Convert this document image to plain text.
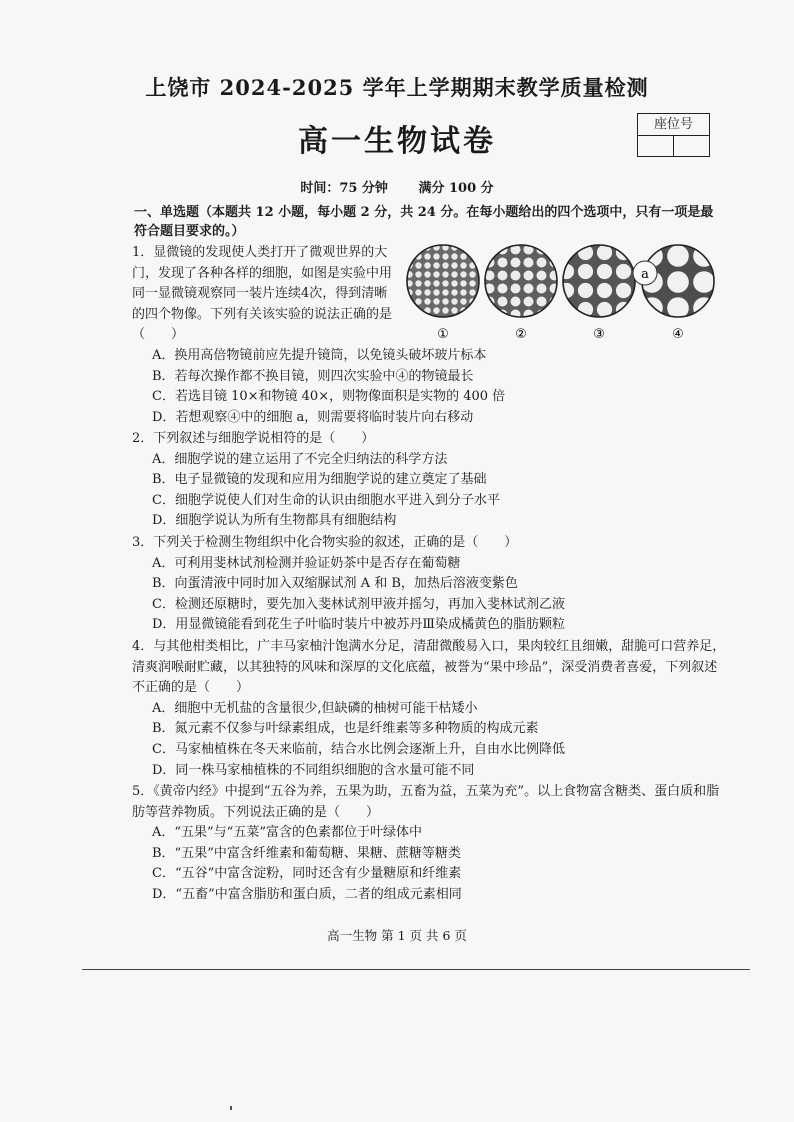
上饶市 2024-2025 学年上学期期末教学质量检测
高一生物试卷	座位号
时间：75 分钟 满分 100 分
一、单选题（本题共 12 小题，每小题 2 分，共 24 分。在每小题给出的四个选项中，只有一项是最符合题目要求的。）
1．显微镜的发现使人类打开了微观世界的大门，发现了各种各样的细胞，如图是实验中用同一显微镜观察同一装片连续4次，得到清晰的四个物像。下列有关该实验的说法正确的是（　　）
A．换用高倍物镜前应先提升镜筒，以免镜头破坏玻片标本
B．若每次操作都不换目镜，则四次实验中④的物镜最长
C．若选目镜 10×和物镜 40×，则物像面积是实物的 400 倍
D．若想观察④中的细胞 a，则需要将临时装片向右移动
a
①	②	③	④
2．下列叙述与细胞学说相符的是（　　）
A．细胞学说的建立运用了不完全归纳法的科学方法
B．电子显微镜的发现和应用为细胞学说的建立奠定了基础
C．细胞学说使人们对生命的认识由细胞水平进入到分子水平
D．细胞学说认为所有生物都具有细胞结构
3．下列关于检测生物组织中化合物实验的叙述，正确的是（　　）
A．可利用斐林试剂检测并验证奶茶中是否存在葡萄糖
B．向蛋清液中同时加入双缩脲试剂 A 和 B，加热后溶液变紫色
C．检测还原糖时，要先加入斐林试剂甲液并摇匀，再加入斐林试剂乙液
D．用显微镜能看到花生子叶临时装片中被苏丹Ⅲ染成橘黄色的脂肪颗粒
4．与其他柑类相比，广丰马家柚汁饱满水分足，清甜微酸易入口，果肉较红且细嫩，甜脆可口营养足，清爽润喉耐贮藏，以其独特的风味和深厚的文化底蕴，被誉为“果中珍品”，深受消费者喜爱，下列叙述不正确的是（　　）
A．细胞中无机盐的含量很少,但缺磷的柚树可能干枯矮小
B．氮元素不仅参与叶绿素组成，也是纤维素等多种物质的构成元素
C．马家柚植株在冬天来临前，结合水比例会逐渐上升，自由水比例降低
D．同一株马家柚植株的不同组织细胞的含水量可能不同
5．《黄帝内经》中提到“五谷为养，五果为助，五畜为益，五菜为充”。以上食物富含糖类、蛋白质和脂肪等营养物质。下列说法正确的是（　　）
A．“五果”与“五菜”富含的色素都位于叶绿体中
B．“五果”中富含纤维素和葡萄糖、果糖、蔗糖等糖类
C．“五谷”中富含淀粉，同时还含有少量糖原和纤维素
D．“五畜”中富含脂肪和蛋白质，二者的组成元素相同
高一生物 第 1 页 共 6 页
